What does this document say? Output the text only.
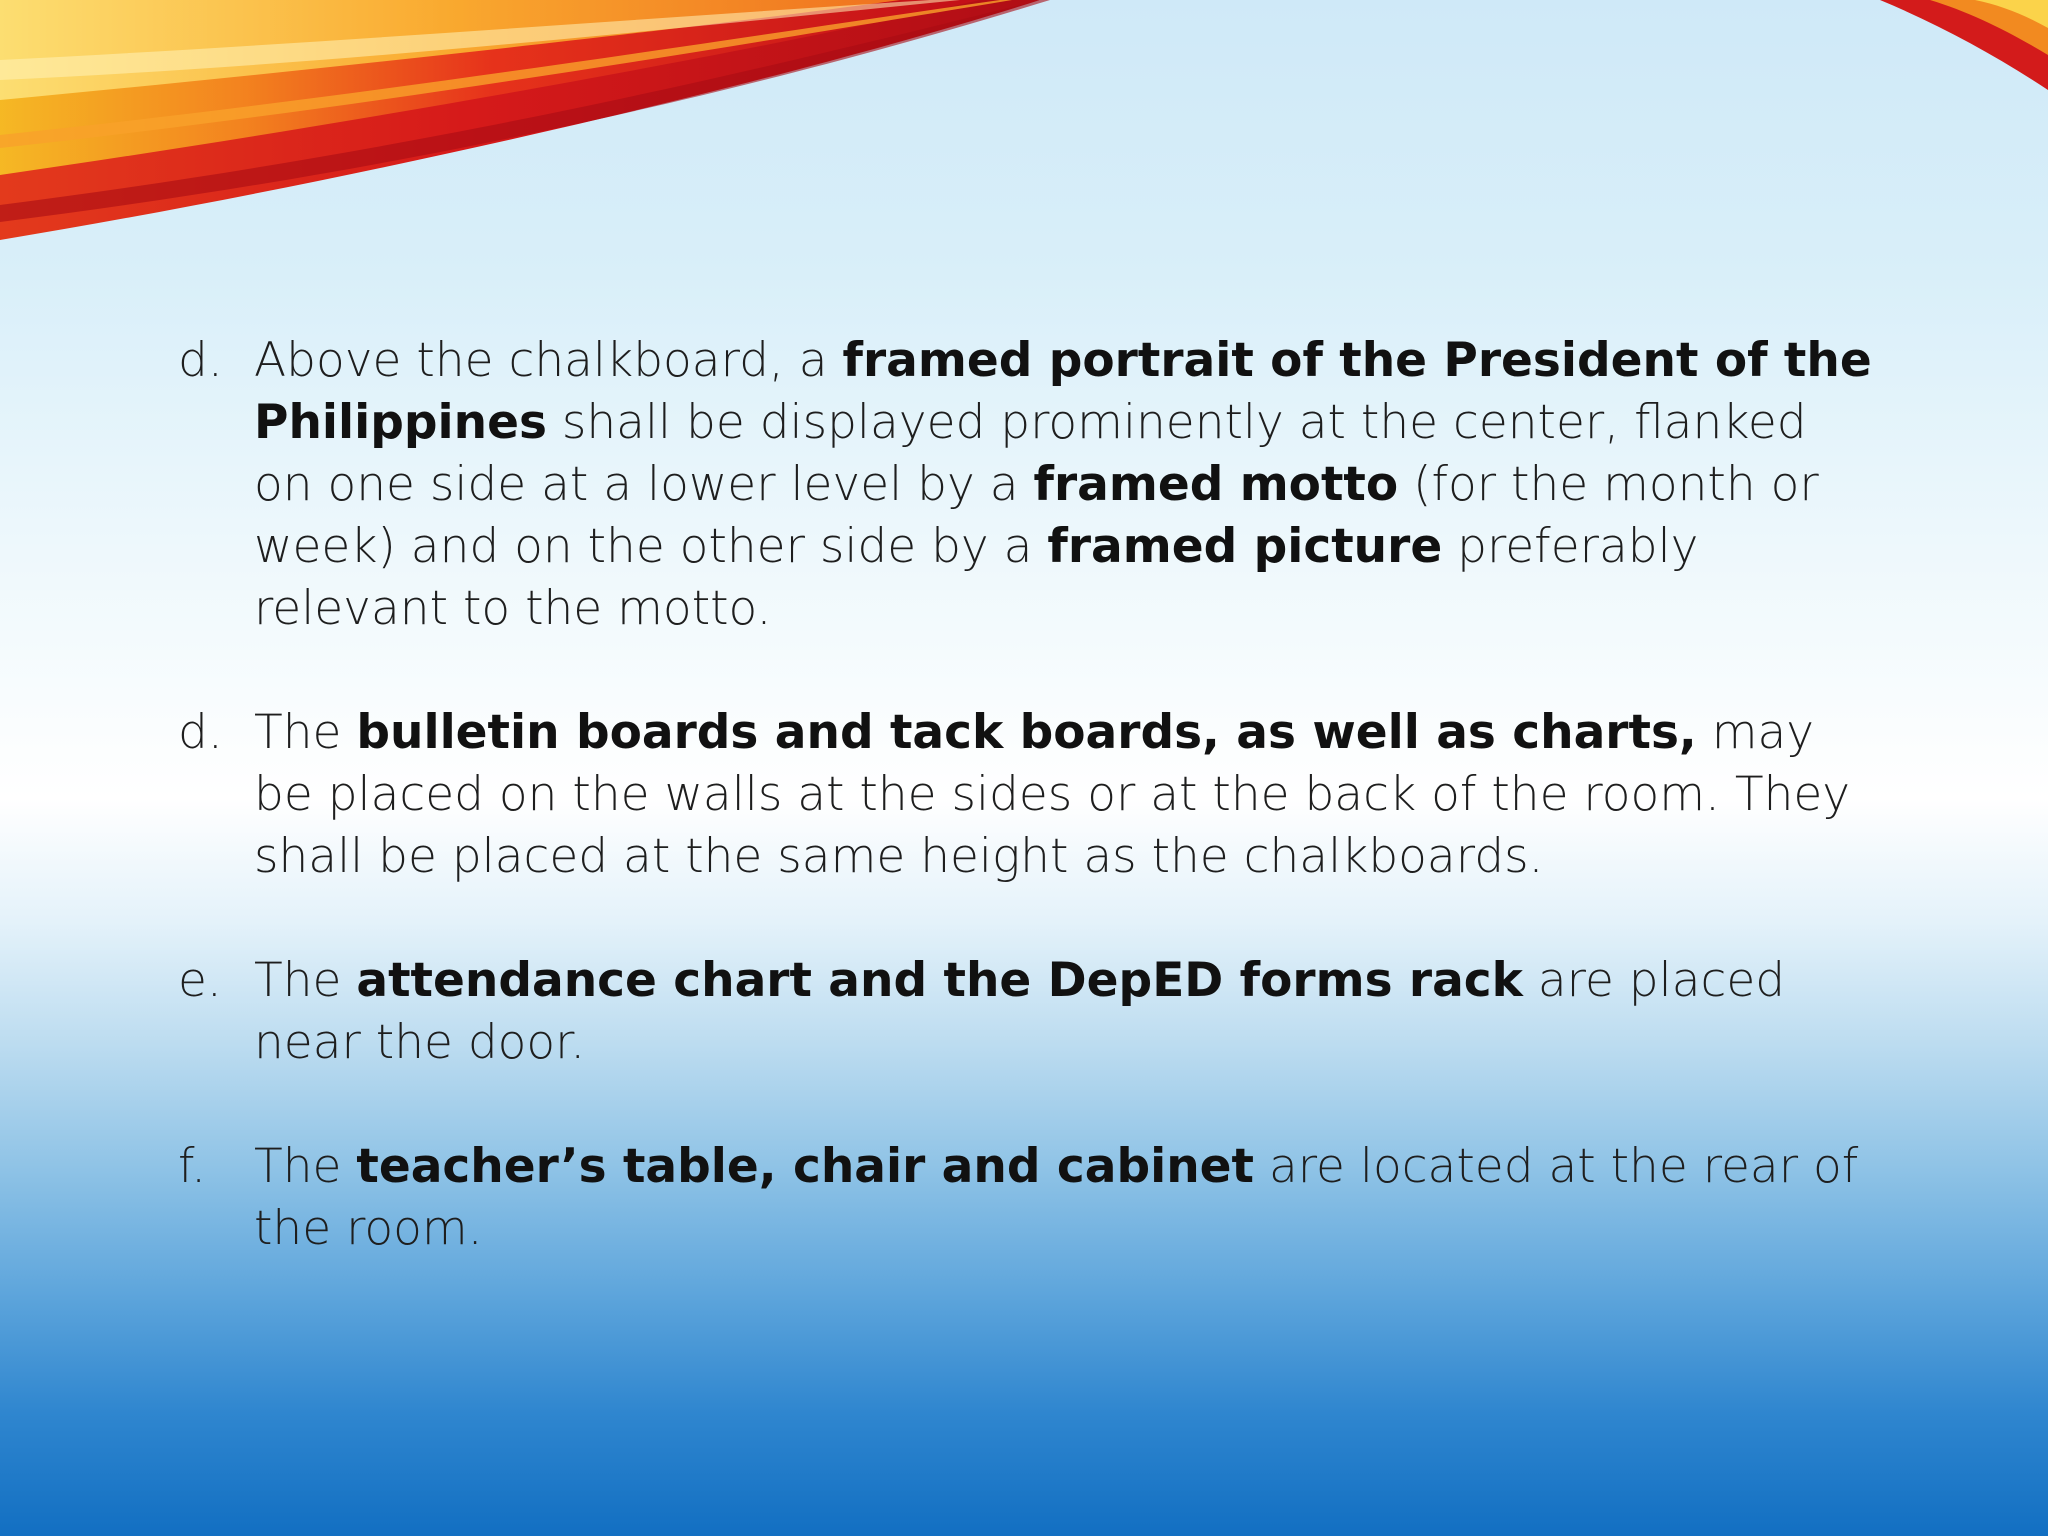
d. Above the chalkboard, a framed portrait of the President of the Philippines shall be displayed prominently at the center, flanked on one side at a lower level by a framed motto (for the month or week) and on the other side by a framed picture preferably relevant to the motto.
d. The bulletin boards and tack boards, as well as charts, may be placed on the walls at the sides or at the back of the room. They shall be placed at the same height as the chalkboards.
e. The attendance chart and the DepED forms rack are placed near the door.
f.	The teacher’s table, chair and cabinet are located at the rear of the room.
